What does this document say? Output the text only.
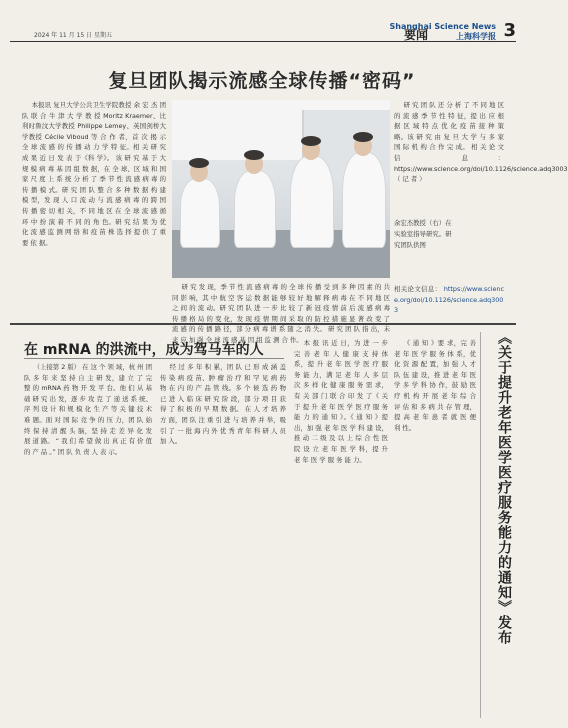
2024 年 11 月 15 日 星期五	要闻
Shanghai Science News
上海科学报 3
复旦团队揭示流感全球传播“密码”

本报讯 复旦大学公共卫生学院教授 余 宏 杰 团 队 联 合 牛 津 大 学 教 授 Moritz Kraemer、比利时鲁汶大学教授 Philippe Lemey、英国剑桥大学教授 Cécile Viboud 等 合 作 者，首 次 揭 示 全 球 流 感 的 传 播 动 力 学 特 征。相 关 研 究 成 果 近 日 发 表 于《科 学》。 该 研 究 基 于 大 规 模 病 毒 基 因 组 数 据，在 全 球、区 域 和 国 家 尺 度 上 系 统 分 析 了 季 节 性 流 感 病 毒 的 传 播 模 式。研 究 团 队 整 合 多 种 数 据 构 建 模 型，发 现 人 口 流 动 与 流 感 病 毒 的 跨 国 传 播 密 切 相 关，不 同 地 区 在 全 球 流 感 循 环 中 扮 演 着 不 同 的 角 色。研 究 结 果 为 优 化 流 感 监 测 网 络 和 疫 苗 株 选 择 提 供 了 重 要 依 据。

余宏杰教授（右）在实验室指导研究。研究团队供图

研 究 发 现，季 节 性 流 感 病 毒 的 全 球 传 播 受 到 多 种 因 素 的 共 同 影 响，其 中 航 空 客 运 数 据 能 够 较 好 地 解 释 病 毒 在 不 同 地 区 之 间 的 流 动。研 究 团 队 进 一 步 比 较 了 新 冠 疫 情 前 后 流 感 病 毒 传 播 格 局 的 变 化，发 现 疫 情 期 间 采 取 的 防 控 措 施 显 著 改 变 了 流 感 的 传 播 路 径，部 分 病 毒 谱 系 随 之 消 失。 研 究 团 队 指 出，未 来 应 加 强 全 球 流 感 基 因 组 监 测 合 作。

研 究 团 队 还 分 析 了 不 同 地 区 的 流 感 季 节 性 特 征，提 出 应 根 据 区 域 特 点 优 化 疫 苗 接 种 策 略。该 研 究 由 复 旦 大 学 与 多 家 国 际 机 构 合 作 完 成。 相 关 论 文 信 息：https://www.science.org/doi/10.1126/science.adq3003 （ 记 者 ）

相关论文信息： https://www.science.org/doi/10.1126/science.adq3003
在 mRNA 的洪流中，成为驾马车的人

（上接第 2 版） 在 这 个 领 域，杭 州 团 队 多 年 来 坚 持 自 主 研 发，建 立 了 完 整 的 mRNA 药 物 开 发 平 台。他 们 从 基 础 研 究 出 发，逐 步 攻 克 了 递 送 系 统、序 列 设 计 和 规 模 化 生 产 等 关 键 技 术 难 题。面 对 国 际 竞 争 的 压 力，团 队 始 终 保 持 清 醒 头 脑，坚 持 走 差 异 化 发 展 道 路。 “ 我 们 希 望 做 出 真 正 有 价 值 的 产 品 。” 团 队 负 责 人 表 示。

经 过 多 年 积 累，团 队 已 形 成 涵 盖 传 染 病 疫 苗、肿 瘤 治 疗 和 罕 见 病 药 物 在 内 的 产 品 管 线。多 个 候 选 药 物 已 进 入 临 床 研 究 阶 段，部 分 项 目 获 得 了 积 极 的 早 期 数 据。 在 人 才 培 养 方 面，团 队 注 重 引 进 与 培 养 并 举，吸 引 了 一 批 海 内 外 优 秀 青 年 科 研 人 员 加 入。

本 报 讯 近 日，为 进 一 步 完 善 老 年 人 健 康 支 持 体 系，提 升 老 年 医 学 医 疗 服 务 能 力，满 足 老 年 人 多 层 次 多 样 化 健 康 服 务 需 求，有 关 部 门 联 合 印 发 了《 关 于 提 升 老 年 医 学 医 疗 服 务 能 力 的 通 知 》。《 通 知 》提 出，加 强 老 年 医 学 科 建 设，推 动 二 级 及 以 上 综 合 性 医 院 设 立 老 年 医 学 科，提 升 老 年 医 学 服 务 能 力。

《 通 知 》要 求，完 善 老 年 医 学 服 务 体 系，优 化 资 源 配 置，加 强 人 才 队 伍 建 设，推 进 老 年 医 学 多 学 科 协 作，鼓 励 医 疗 机 构 开 展 老 年 综 合 评 估 和 多 病 共 存 管 理，提 高 老 年 患 者 就 医 便 利 性。	《关于提升老年医学医疗服务能力的通知》发布
